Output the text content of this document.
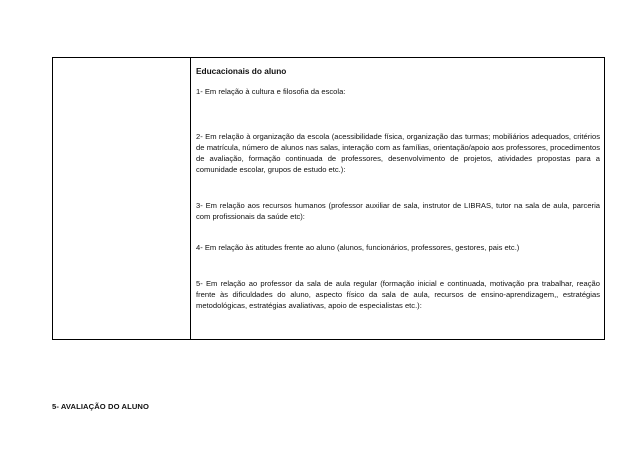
Educacionais do aluno

1- Em relação à cultura e filosofia da escola:

2- Em relação à organização da escola (acessibilidade física, organização das turmas; mobiliários adequados, critérios de matrícula, número de alunos nas salas, interação com as famílias, orientação/apoio aos professores, procedimentos de avaliação, formação continuada de professores, desenvolvimento de projetos, atividades propostas para a comunidade escolar, grupos de estudo etc.):

3- Em relação aos recursos humanos (professor auxiliar de sala, instrutor de LIBRAS, tutor na sala de aula, parceria com profissionais da saúde etc):

4- Em relação às atitudes frente ao aluno (alunos, funcionários, professores, gestores, pais etc.)

5- Em relação ao professor da sala de aula regular (formação inicial e continuada, motivação pra trabalhar, reação frente às dificuldades do aluno, aspecto físico da sala de aula, recursos de ensino-aprendizagem,, estratégias metodológicas, estratégias avaliativas, apoio de especialistas etc.):

5- AVALIAÇÃO DO ALUNO
